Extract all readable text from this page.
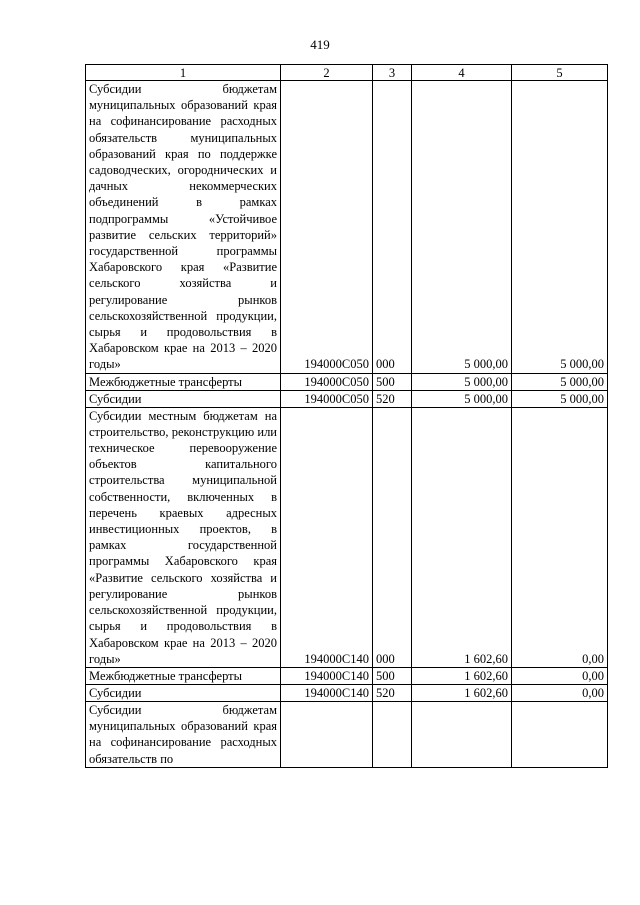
419
1	2	3	4	5
Субсидии бюджетам муниципальных образований края на софинансирование расходных обязательств муниципальных образований края по поддержке садоводческих, огороднических и дачных некоммерческих объединений в рамках подпрограммы «Устойчивое развитие сельских территорий» государственной программы Хабаровского края «Развитие сельского хозяйства и регулирование рынков сельскохозяйственной продукции, сырья и продовольствия в Хабаровском крае на 2013 – 2020 годы»	194000С050	000	5 000,00	5 000,00
Межбюджетные трансферты	194000С050	500	5 000,00	5 000,00
Субсидии	194000С050	520	5 000,00	5 000,00
Субсидии местным бюджетам на строительство, реконструкцию или техническое перевооружение объектов капитального строительства муниципальной собственности, включенных в перечень краевых адресных инвестиционных проектов, в рамках государственной программы Хабаровского края «Развитие сельского хозяйства и регулирование рынков сельскохозяйственной продукции, сырья и продовольствия в Хабаровском крае на 2013 – 2020 годы»	194000С140	000	1 602,60	0,00
Межбюджетные трансферты	194000С140	500	1 602,60	0,00
Субсидии	194000С140	520	1 602,60	0,00
Субсидии бюджетам муниципальных образований края на софинансирование расходных обязательств по				
